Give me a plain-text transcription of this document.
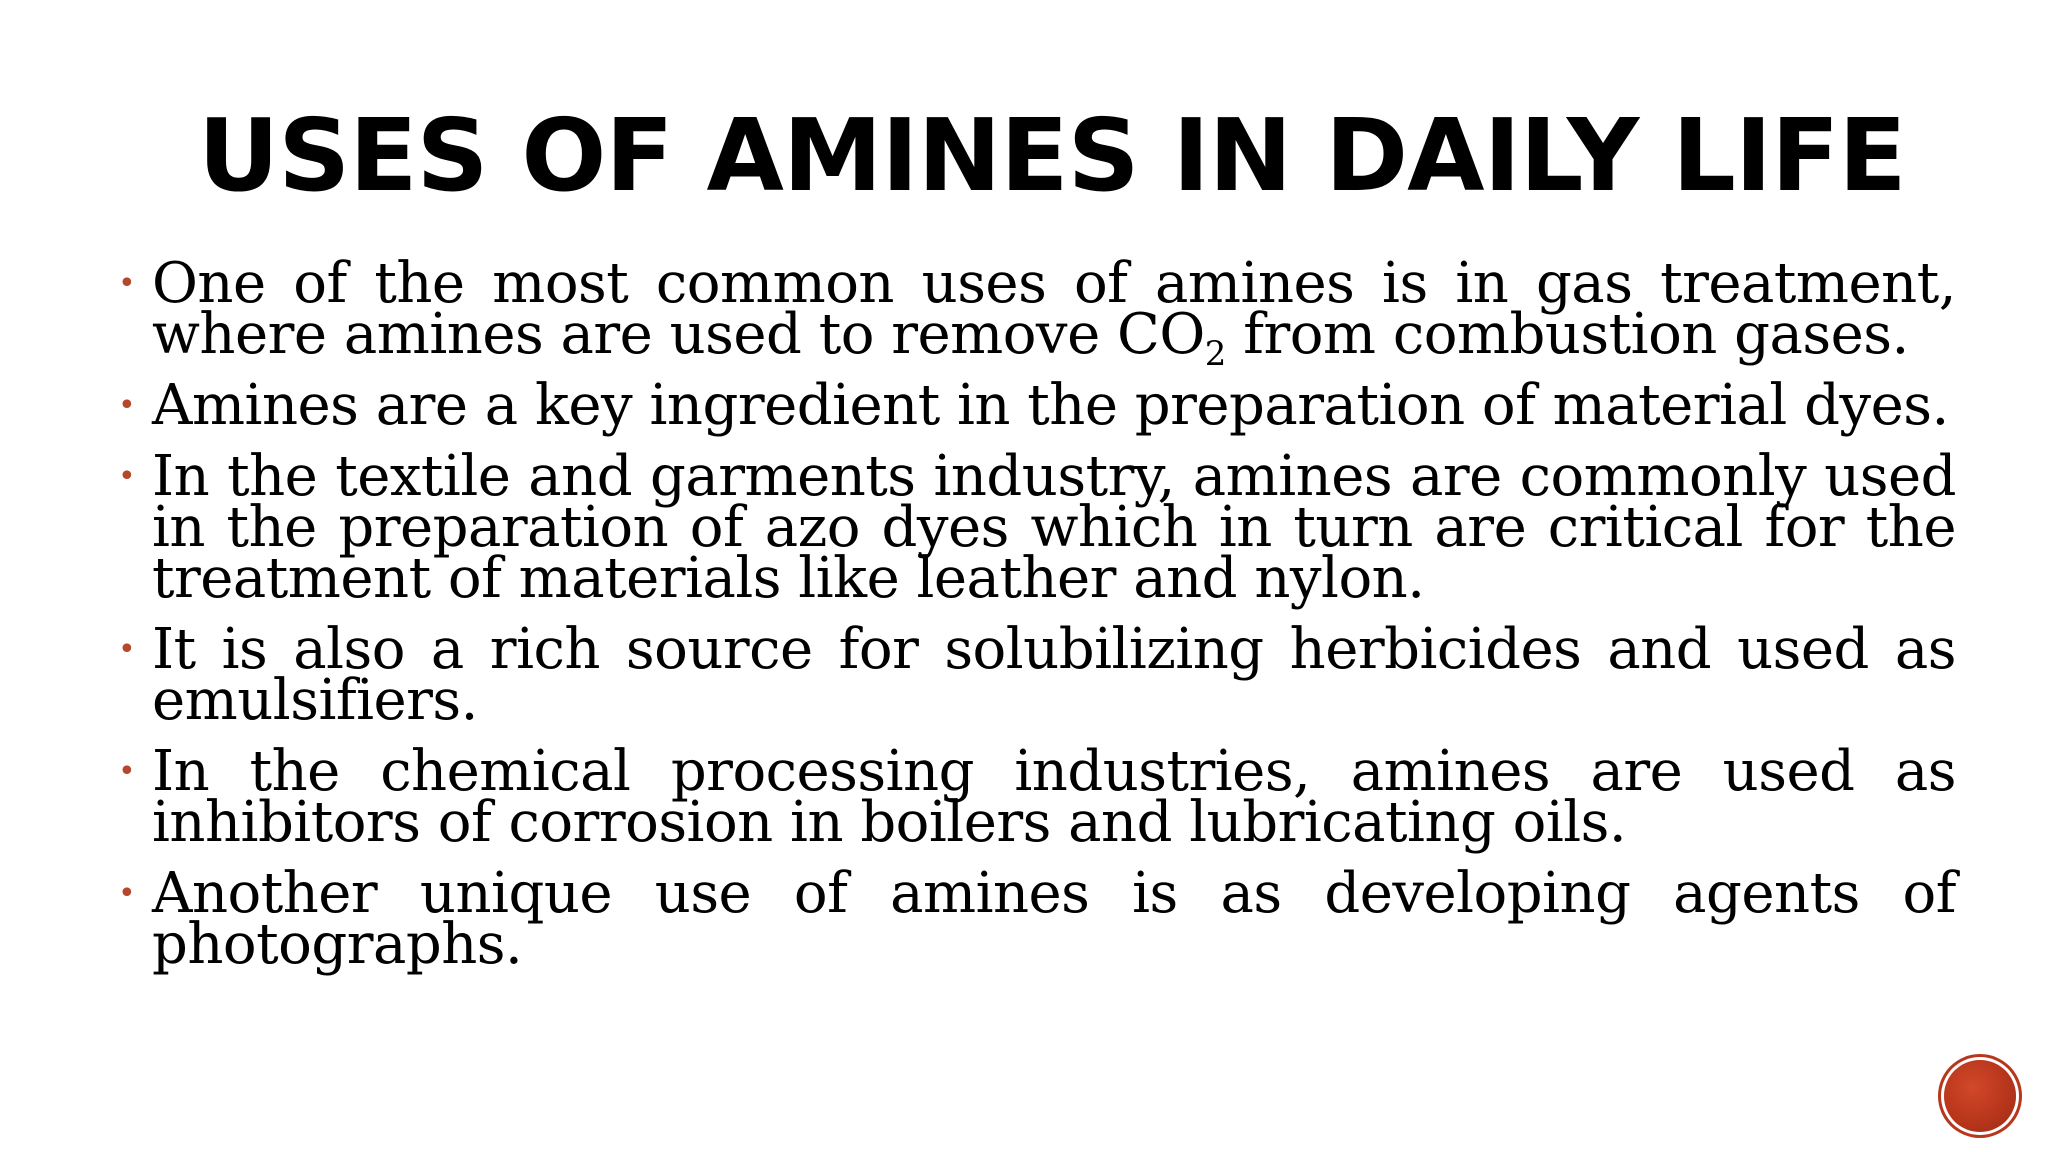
USES OF AMINES IN DAILY LIFE
• One of the most common uses of amines is in gas treatment, where amines are used to remove $CO_2$ from combustion gases.
• Amines are a key ingredient in the preparation of material dyes.
• In the textile and garments industry, amines are commonly used in the preparation of azo dyes which in turn are critical for the treatment of materials like leather and nylon.
• It is also a rich source for solubilizing herbicides and used as emulsifiers.
• In the chemical processing industries, amines are used as inhibitors of corrosion in boilers and lubricating oils.
• Another unique use of amines is as developing agents of photographs.
